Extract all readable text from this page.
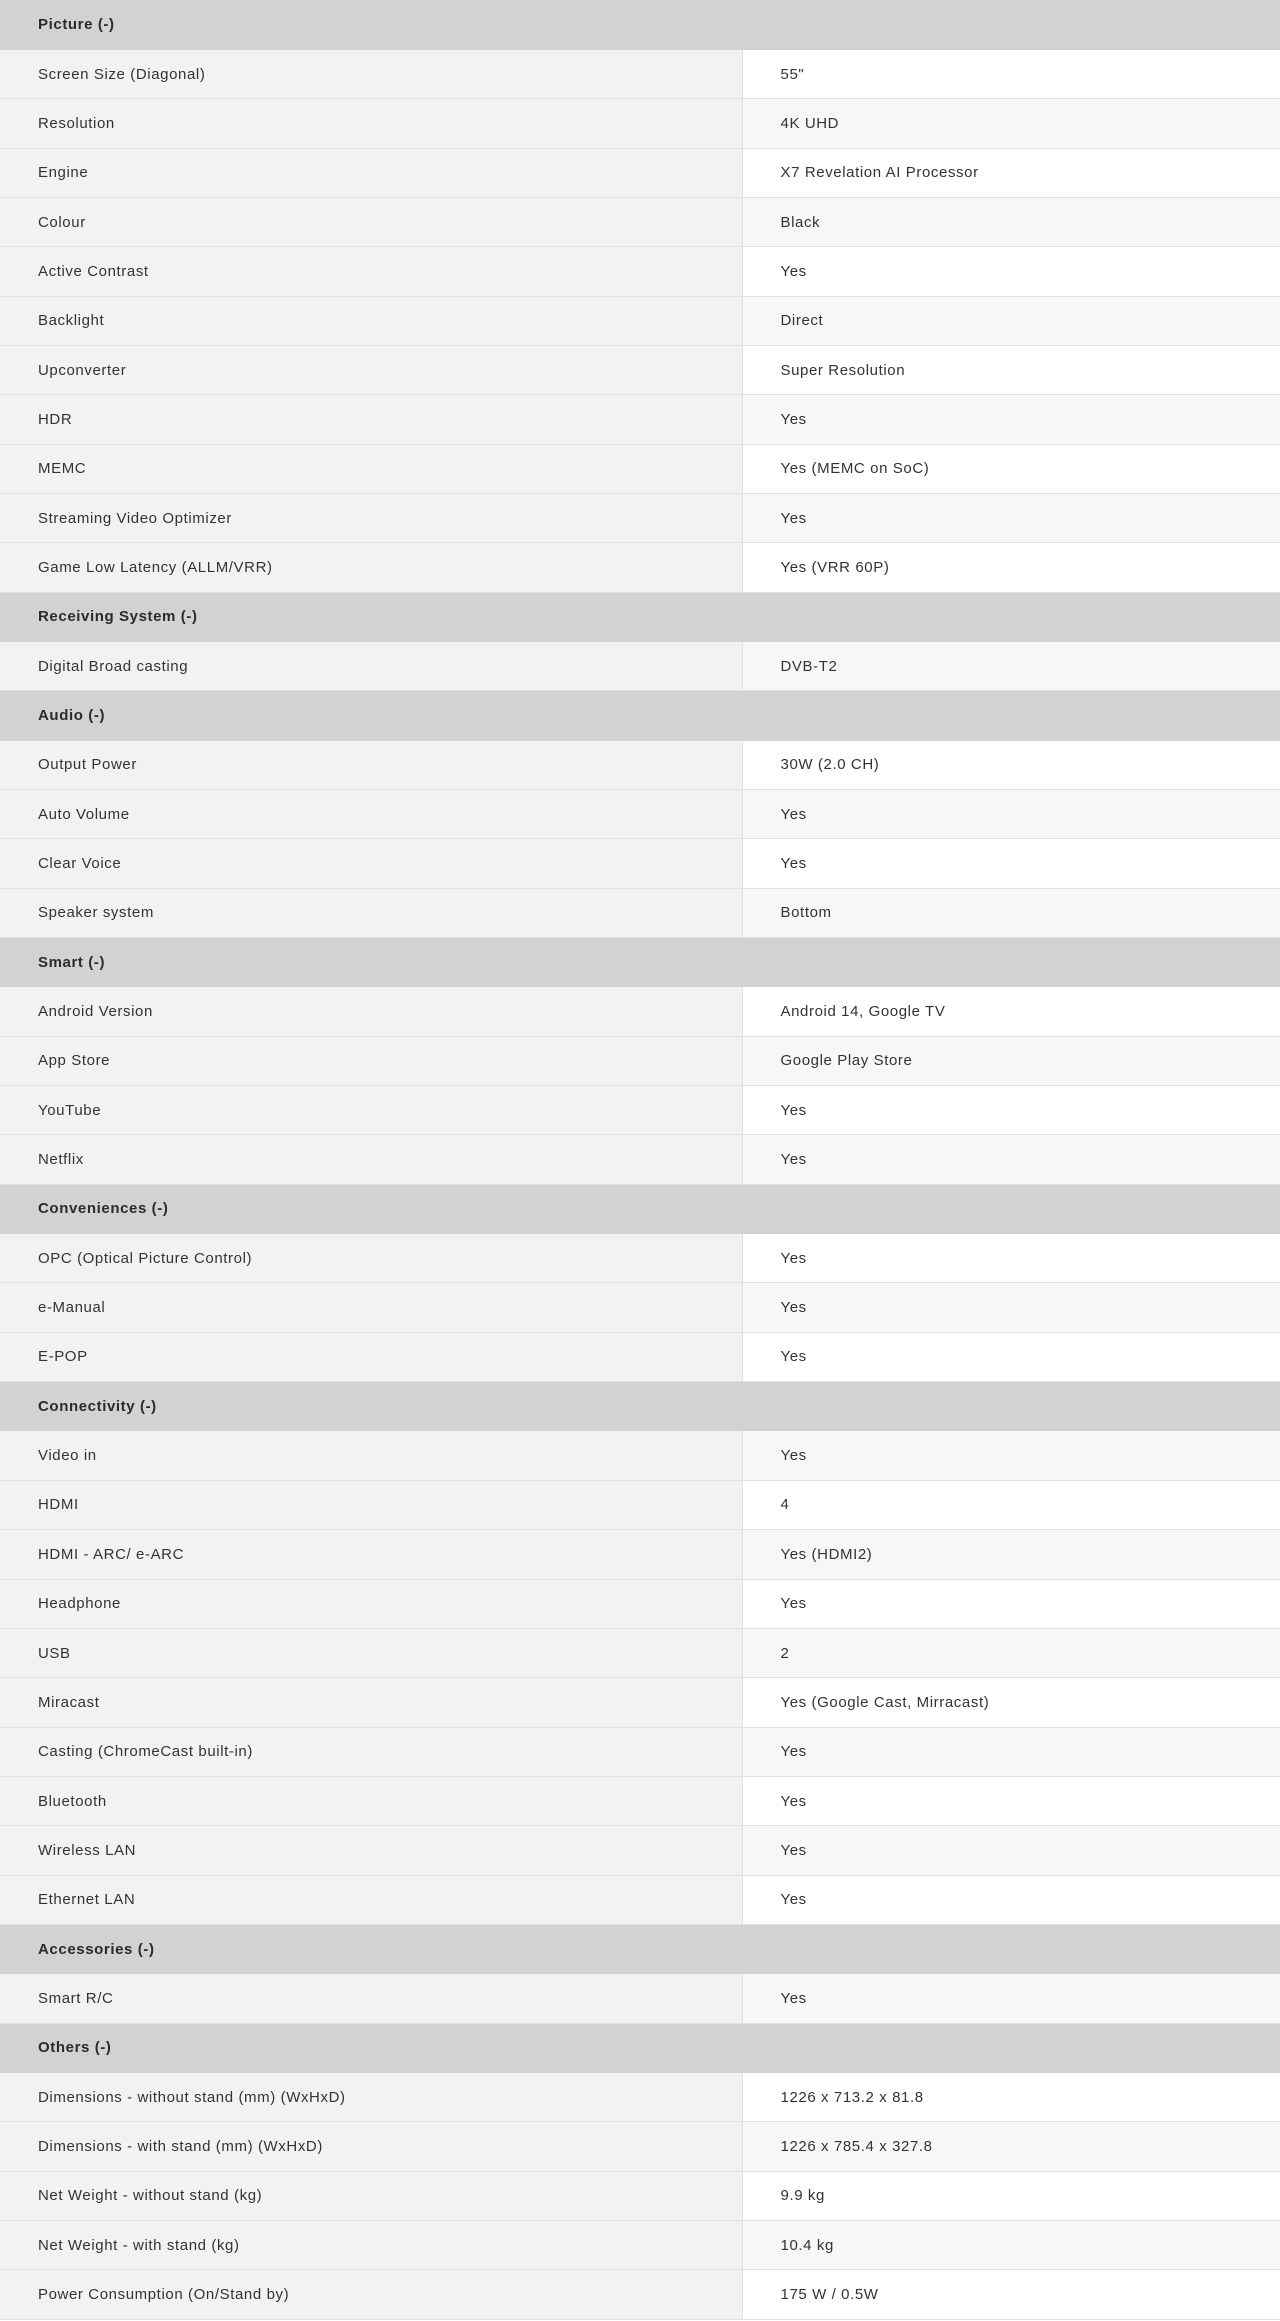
Picture (-)	
Screen Size (Diagonal)	55"
Resolution	4K UHD
Engine	X7 Revelation AI Processor
Colour	Black
Active Contrast	Yes
Backlight	Direct
Upconverter	Super Resolution
HDR	Yes
MEMC	Yes (MEMC on SoC)
Streaming Video Optimizer	Yes
Game Low Latency (ALLM/VRR)	Yes (VRR 60P)
Receiving System (-)	
Digital Broad casting	DVB-T2
Audio (-)	
Output Power	30W (2.0 CH)
Auto Volume	Yes
Clear Voice	Yes
Speaker system	Bottom
Smart (-)	
Android Version	Android 14, Google TV
App Store	Google Play Store
YouTube	Yes
Netflix	Yes
Conveniences (-)	
OPC (Optical Picture Control)	Yes
e-Manual	Yes
E-POP	Yes
Connectivity (-)	
Video in	Yes
HDMI	4
HDMI - ARC/ e-ARC	Yes (HDMI2)
Headphone	Yes
USB	2
Miracast	Yes (Google Cast, Mirracast)
Casting (ChromeCast built-in)	Yes
Bluetooth	Yes
Wireless LAN	Yes
Ethernet LAN	Yes
Accessories (-)	
Smart R/C	Yes
Others (-)	
Dimensions - without stand (mm) (WxHxD)	1226 x 713.2 x 81.8
Dimensions - with stand (mm) (WxHxD)	1226 x 785.4 x 327.8
Net Weight - without stand (kg)	9.9 kg
Net Weight - with stand (kg)	10.4 kg
Power Consumption (On/Stand by)	175 W / 0.5W
